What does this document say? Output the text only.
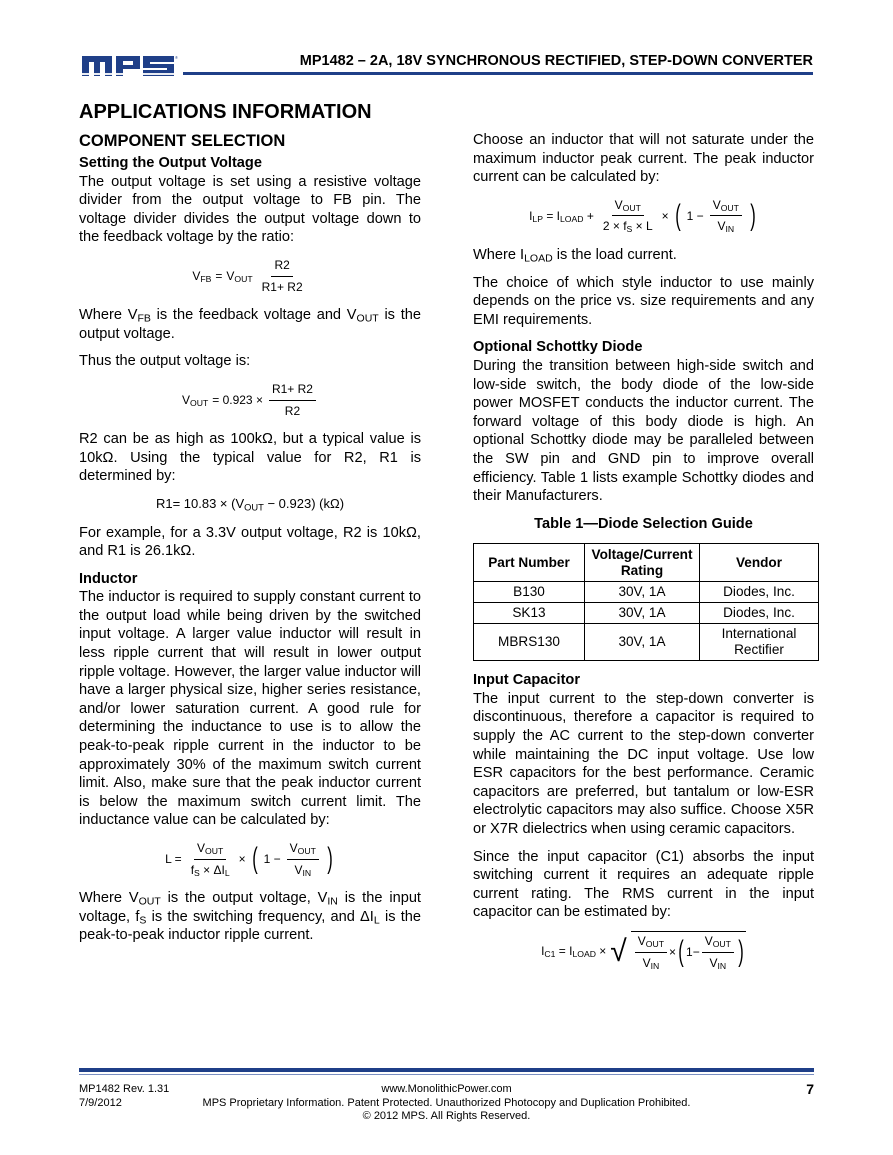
®	MP1482 – 2A, 18V SYNCHRONOUS RECTIFIED, STEP-DOWN CONVERTER
APPLICATIONS INFORMATION
COMPONENT SELECTION
Setting the Output Voltage

The output voltage is set using a resistive voltage divider from the output voltage to FB pin. The voltage divider divides the output voltage down to the feedback voltage by the ratio:

$V_{FB} = V_{OUT} \frac{R2}{R1+ R2}$

Where $V_{FB}$ is the feedback voltage and $V_{OUT}$ is the output voltage.

Thus the output voltage is:

$V_{OUT} = 0.923 \times \frac{R1+ R2}{R2}$

R2 can be as high as 100kΩ, but a typical value is 10kΩ. Using the typical value for R2, R1 is determined by:

$R1= 10.83 \times (V_{OUT} - 0.923)$ (kΩ)

For example, for a 3.3V output voltage, R2 is 10kΩ, and R1 is 26.1kΩ.

Inductor

The inductor is required to supply constant current to the output load while being driven by the switched input voltage. A larger value inductor will result in less ripple current that will result in lower output ripple voltage. However, the larger value inductor will have a larger physical size, higher series resistance, and/or lower saturation current. A good rule for determining the inductance to use is to allow the peak-to-peak ripple current in the inductor to be approximately 30% of the maximum switch current limit. Also, make sure that the peak inductor current is below the maximum switch current limit. The inductance value can be calculated by:

$L = \frac{V_{OUT}}{f_S \times \Delta I_L}$ × ( $1 - \frac{V_{OUT}}{V_{IN}}$ )

Where $V_{OUT}$ is the output voltage, $V_{IN}$ is the input voltage, $f_S$ is the switching frequency, and $\Delta I_L$ is the peak-to-peak inductor ripple current.

Choose an inductor that will not saturate under the maximum inductor peak current. The peak inductor current can be calculated by:

$I_{LP} = I_{LOAD} + \frac{V_{OUT}}{2 \times f_S \times L}$ × ( $1 - \frac{V_{OUT}}{V_{IN}}$ )

Where $I_{LOAD}$ is the load current.

The choice of which style inductor to use mainly depends on the price vs. size requirements and any EMI requirements.

Optional Schottky Diode

During the transition between high-side switch and low-side switch, the body diode of the low-side power MOSFET conducts the inductor current. The forward voltage of this body diode is high. An optional Schottky diode may be paralleled between the SW pin and GND pin to improve overall efficiency. Table 1 lists example Schottky diodes and their Manufacturers.

Table 1—Diode Selection Guide
Part Number	Voltage/Current Rating	Vendor
B130	30V, 1A	Diodes, Inc.
SK13	30V, 1A	Diodes, Inc.
MBRS130	30V, 1A	International Rectifier
Input Capacitor

The input current to the step-down converter is discontinuous, therefore a capacitor is required to supply the AC current to the step-down converter while maintaining the DC input voltage. Use low ESR capacitors for the best performance. Ceramic capacitors are preferred, but tantalum or low-ESR electrolytic capacitors may also suffice. Choose X5R or X7R dielectrics when using ceramic capacitors.

Since the input capacitor (C1) absorbs the input switching current it requires an adequate ripple current rating. The RMS current in the input capacitor can be estimated by:

$I_{C1} = I_{LOAD}$ × √ $\frac{V_{OUT}}{V_{IN}}$ × ( $1- \frac{V_{OUT}}{V_{IN}}$ )
MP1482 Rev. 1.31
7/9/2012
www.MonolithicPower.com
MPS Proprietary Information. Patent Protected. Unauthorized Photocopy and Duplication Prohibited.
© 2012 MPS. All Rights Reserved.
7
